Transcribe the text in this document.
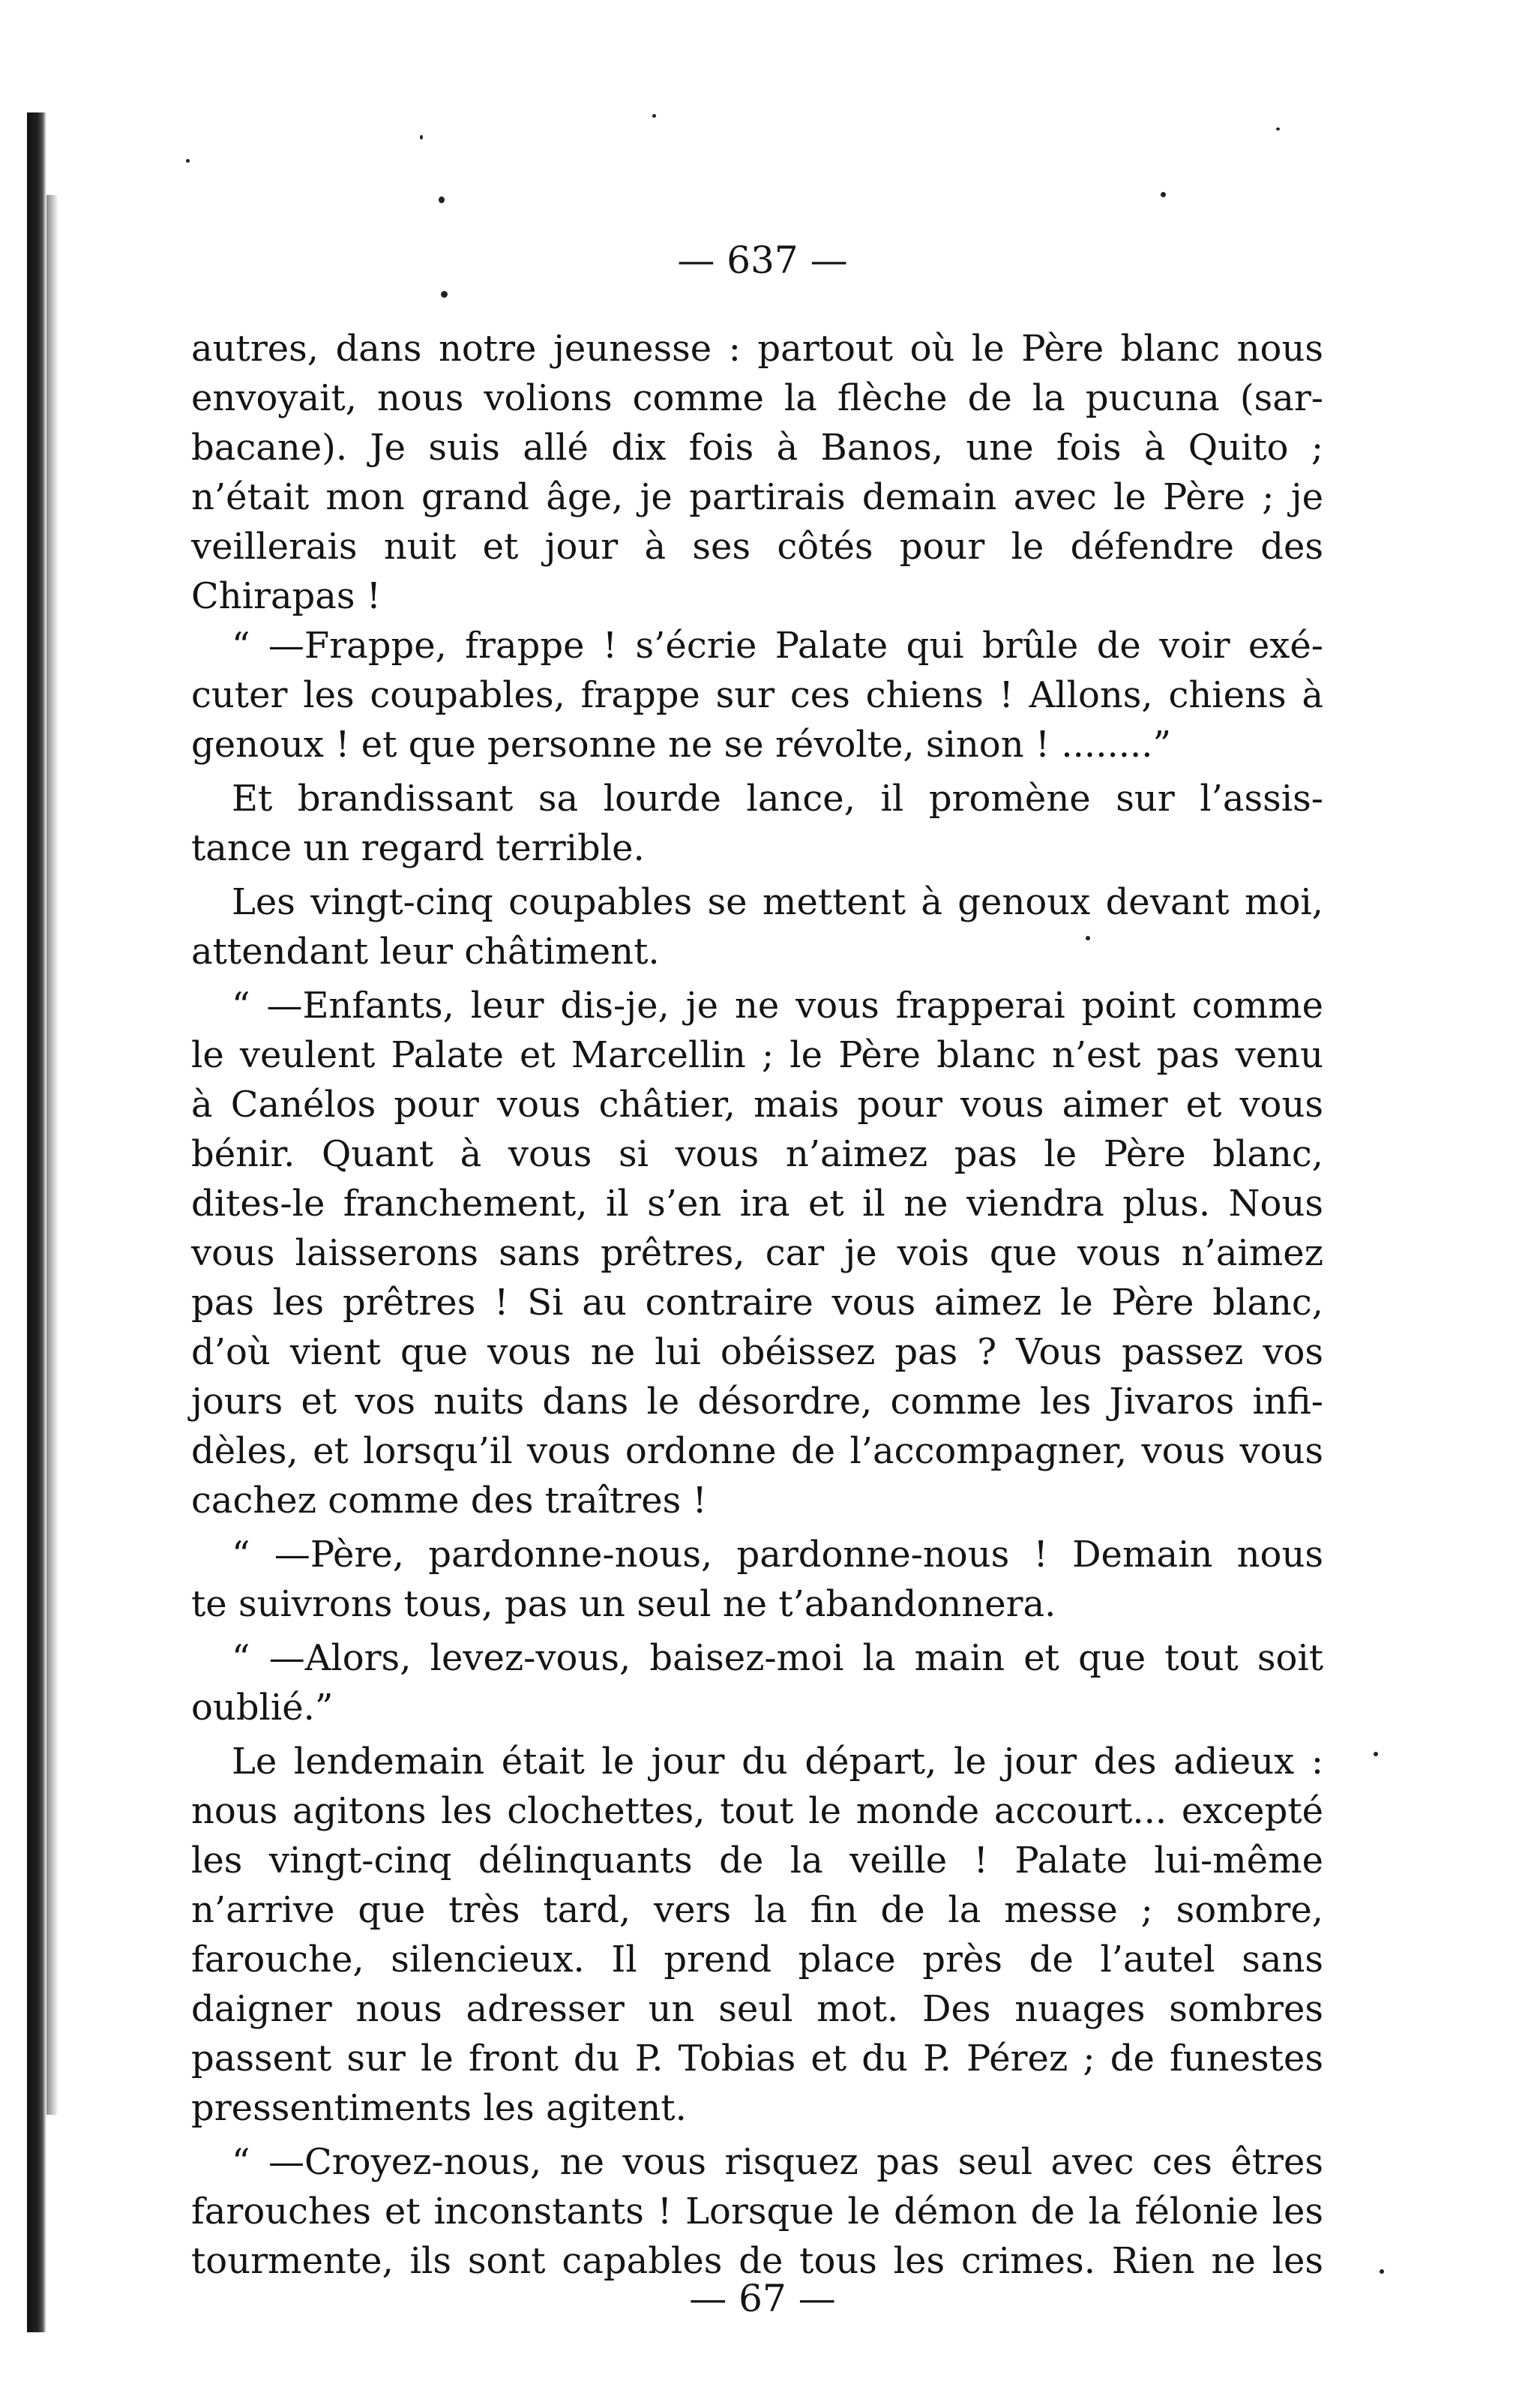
— 637 —
autres, dans notre jeunesse : partout où le Père blanc nous
envoyait, nous volions comme la flèche de la pucuna (sar-
bacane). Je suis allé dix fois à Banos, une fois à Quito ;
n’était mon grand âge, je partirais demain avec le Père ; je
veillerais nuit et jour à ses côtés pour le défendre des
Chirapas !
“ —Frappe, frappe ! s’écrie Palate qui brûle de voir exé-
cuter les coupables, frappe sur ces chiens ! Allons, chiens à
genoux ! et que personne ne se révolte, sinon ! ........”
Et brandissant sa lourde lance, il promène sur l’assis-
tance un regard terrible.
Les vingt-cinq coupables se mettent à genoux devant moi,
attendant leur châtiment.
“ —Enfants, leur dis-je, je ne vous frapperai point comme
le veulent Palate et Marcellin ; le Père blanc n’est pas venu
à Canélos pour vous châtier, mais pour vous aimer et vous
bénir. Quant à vous si vous n’aimez pas le Père blanc,
dites-le franchement, il s’en ira et il ne viendra plus. Nous
vous laisserons sans prêtres, car je vois que vous n’aimez
pas les prêtres ! Si au contraire vous aimez le Père blanc,
d’où vient que vous ne lui obéissez pas ? Vous passez vos
jours et vos nuits dans le désordre, comme les Jivaros infi-
dèles, et lorsqu’il vous ordonne de l’accompagner, vous vous
cachez comme des traîtres !
“ —Père, pardonne-nous, pardonne-nous ! Demain nous
te suivrons tous, pas un seul ne t’abandonnera.
“ —Alors, levez-vous, baisez-moi la main et que tout soit
oublié.”
Le lendemain était le jour du départ, le jour des adieux :
nous agitons les clochettes, tout le monde accourt... excepté
les vingt-cinq délinquants de la veille ! Palate lui-même
n’arrive que très tard, vers la fin de la messe ; sombre,
farouche, silencieux. Il prend place près de l’autel sans
daigner nous adresser un seul mot. Des nuages sombres
passent sur le front du P. Tobias et du P. Pérez ; de funestes
pressentiments les agitent.
“ —Croyez-nous, ne vous risquez pas seul avec ces êtres
farouches et inconstants ! Lorsque le démon de la félonie les
tourmente, ils sont capables de tous les crimes. Rien ne les
— 67 —
